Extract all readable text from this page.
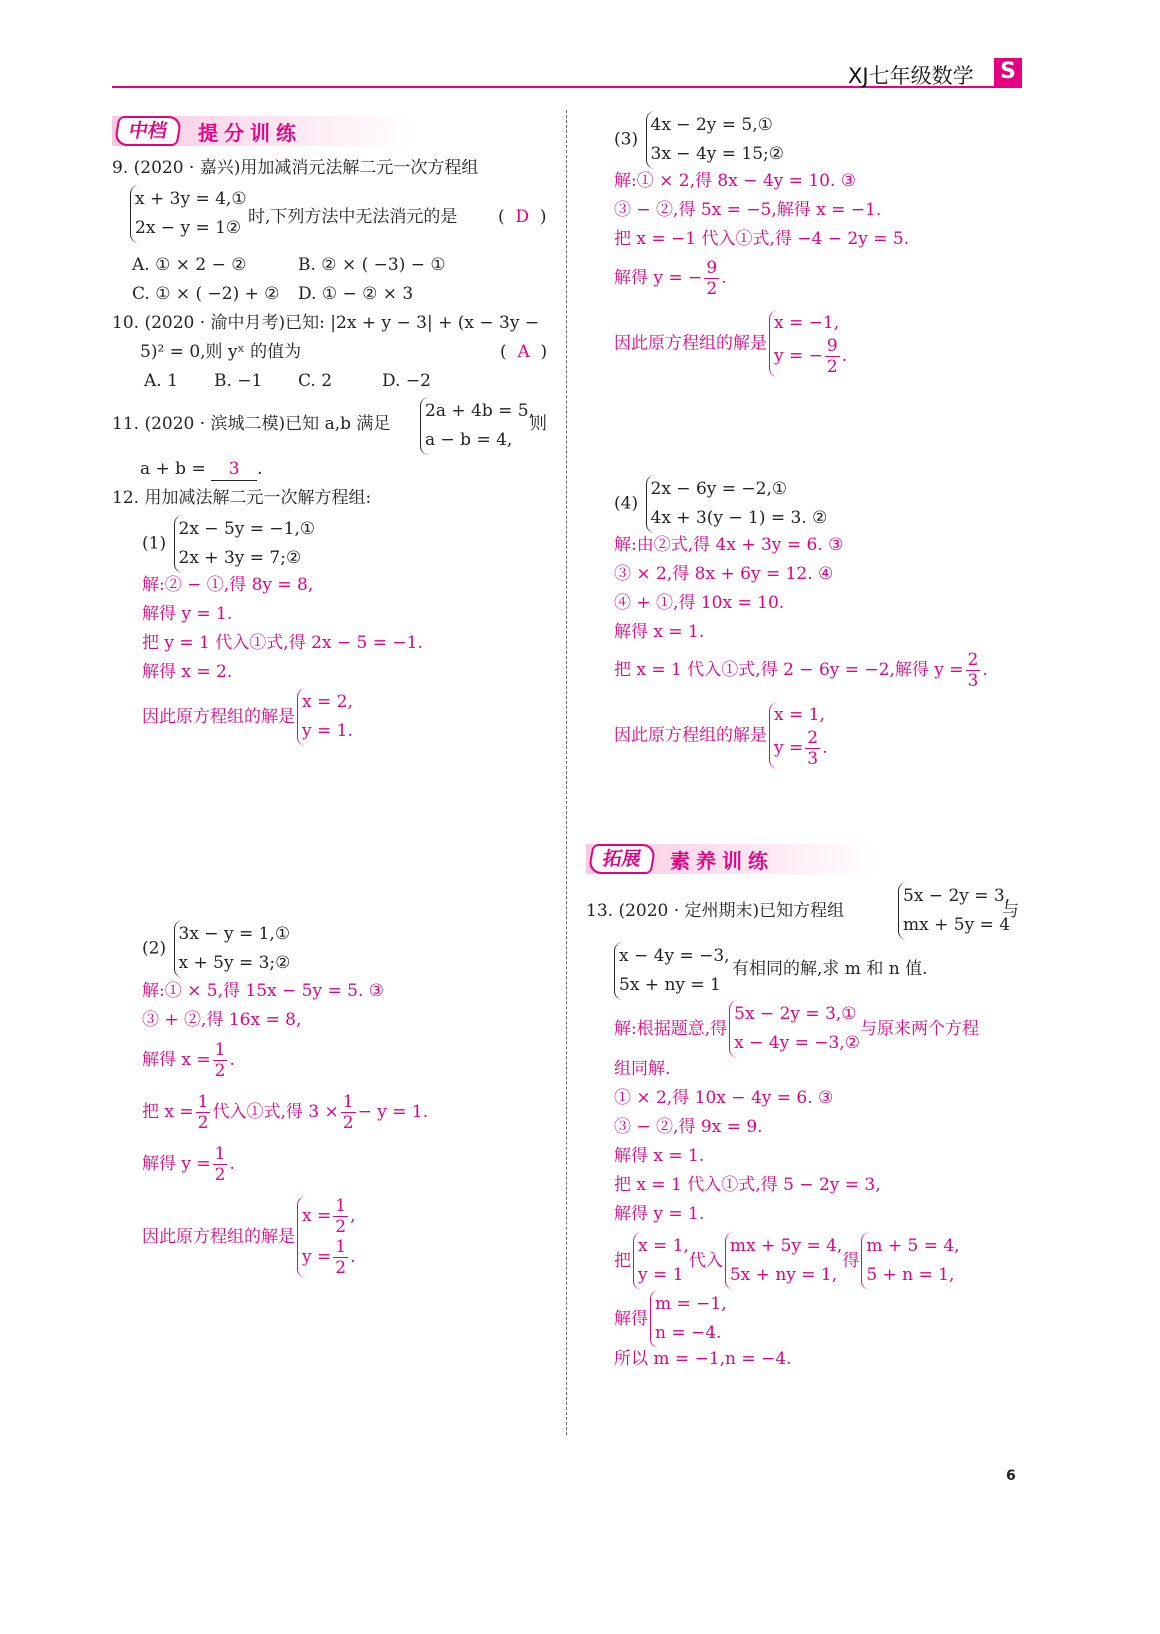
XJ七年级数学 S
中档	提分训练
9. (2020 · 嘉兴)用加减消元法解二元一次方程组
x + 3y = 4,①
2x − y = 1②
时,下列方法中无法消元的是 ( D )
A. ① × 2 − ②	B. ② × ( −3) − ①
C. ① × ( −2) + ② D. ① − ② × 3
10. (2020 · 渝中月考)已知: |2x + y − 3| + (x − 3y −
5)² = 0,则 yˣ 的值为	( A )
A. 1 B. −1 C. 2	D. −2
11. (2020 · 滨城二模)已知 a,b 满足
2a + 4b = 5,
a − b = 4,
则
a + b = 3 .
12. 用加减法解二元一次解方程组:
(1) 2x − 5y = −1,①
2x + 3y = 7;②
解:② − ①,得 8y = 8,
解得 y = 1.
把 y = 1 代入①式,得 2x − 5 = −1.
解得 x = 2.
因此原方程组的解是x = 2,
y = 1.
(2) 3x − y = 1,①
x + 5y = 3;②
解:① × 5,得 15x − 5y = 5. ③
③ + ②,得 16x = 8,
解得 $x = \frac{1}{2}$ .
把 $x = \frac{1}{2}$ 代入①式,得 $3 \times \frac{1}{2} - y = 1$.
解得 $y = \frac{1}{2}$ .
因此原方程组的解是$x = \frac{1}{2}$ ,
$y = \frac{1}{2}$ .
(3) 4x − 2y = 5,①
3x − 4y = 15;②
解:① × 2,得 8x − 4y = 10. ③
③ − ②,得 5x = −5,解得 x = −1.
把 x = −1 代入①式,得 −4 − 2y = 5.
解得 y = − $\frac{9}{2}$ .
因此原方程组的解是x = −1,
y = − $\frac{9}{2}$ .
(4) 2x − 6y = −2,①
4x + 3(y − 1) = 3. ②
解:由②式,得 4x + 3y = 6. ③
③ × 2,得 8x + 6y = 12. ④
④ + ①,得 10x = 10.
解得 x = 1.
把 x = 1 代入①式,得 2 − 6y = −2,解得 $y = \frac{2}{3}$ .
因此原方程组的解是x = 1,
$y = \frac{2}{3}$ .
拓展	素养训练
13. (2020 · 定州期末)已知方程组
5x − 2y = 3,
mx + 5y = 4
与
x − 4y = −3,
5x + ny = 1
有相同的解,求 m 和 n 值.
解:根据题意,得5x − 2y = 3,①
x − 4y = −3,②与原来两个方程
组同解.
① × 2,得 10x − 4y = 6. ③
③ − ②,得 9x = 9.
解得 x = 1.
把 x = 1 代入①式,得 5 − 2y = 3,
解得 y = 1.
把x = 1,
y = 1代入mx + 5y = 4,
5x + ny = 1,得m + 5 = 4,
5 + n = 1,
解得m = −1,
n = −4.
所以 m = −1,n = −4.
6
